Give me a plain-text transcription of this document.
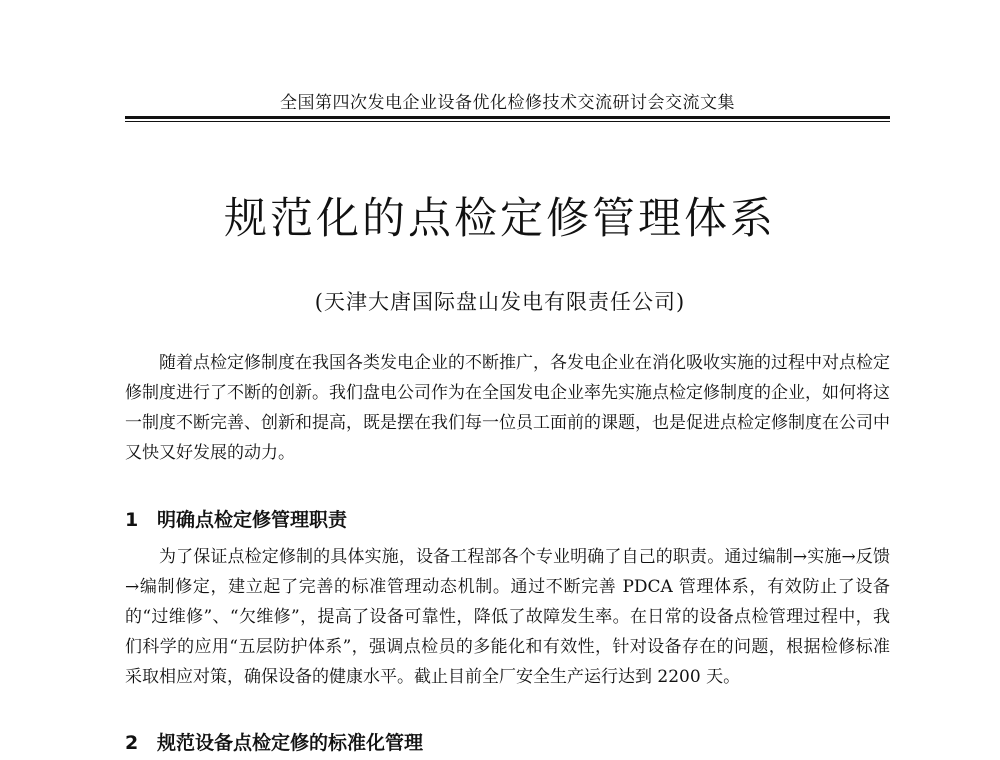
全国第四次发电企业设备优化检修技术交流研讨会交流文集
规范化的点检定修管理体系
(天津大唐国际盘山发电有限责任公司)

随着点检定修制度在我国各类发电企业的不断推广，各发电企业在消化吸收实施的过程中对点检定修制度进行了不断的创新。我们盘电公司作为在全国发电企业率先实施点检定修制度的企业，如何将这一制度不断完善、创新和提高，既是摆在我们每一位员工面前的课题，也是促进点检定修制度在公司中又快又好发展的动力。

1 明确点检定修管理职责

为了保证点检定修制的具体实施，设备工程部各个专业明确了自己的职责。通过编制→实施→反馈→编制修定，建立起了完善的标准管理动态机制。通过不断完善 PDCA 管理体系，有效防止了设备的“过维修”、“欠维修”，提高了设备可靠性，降低了故障发生率。在日常的设备点检管理过程中，我们科学的应用“五层防护体系”，强调点检员的多能化和有效性，针对设备存在的问题，根据检修标准采取相应对策，确保设备的健康水平。截止目前全厂安全生产运行达到 2200 天。

2 规范设备点检定修的标准化管理
